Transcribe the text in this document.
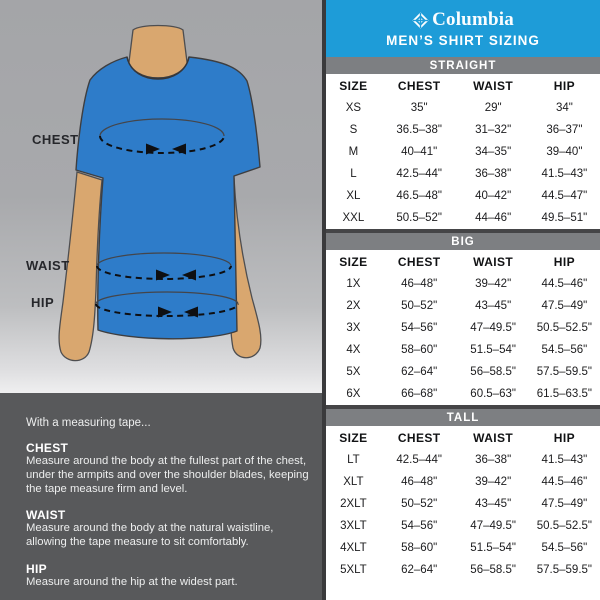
CHEST
WAIST
HIP

With a measuring tape...

CHEST
Measure around the body at the fullest part of the chest, under the armpits and over the shoulder blades, keeping the tape measure firm and level.
WAIST
Measure around the body at the natural waistline, allowing the tape measure to sit comfortably.
HIP
Measure around the hip at the widest part.
Columbia
MEN’S SHIRT SIZING
STRAIGHT
SIZE	CHEST	WAIST	HIP
XS	35"	29"	34"
S	36.5–38"	31–32"	36–37"
M	40–41"	34–35"	39–40"
L	42.5–44"	36–38"	41.5–43"
XL	46.5–48"	40–42"	44.5–47"
XXL	50.5–52"	44–46"	49.5–51"
BIG
SIZE	CHEST	WAIST	HIP
1X	46–48"	39–42"	44.5–46"
2X	50–52"	43–45"	47.5–49"
3X	54–56"	47–49.5"	50.5–52.5"
4X	58–60"	51.5–54"	54.5–56"
5X	62–64"	56–58.5"	57.5–59.5"
6X	66–68"	60.5–63"	61.5–63.5"
TALL
SIZE	CHEST	WAIST	HIP
LT	42.5–44"	36–38"	41.5–43"
XLT	46–48"	39–42"	44.5–46"
2XLT	50–52"	43–45"	47.5–49"
3XLT	54–56"	47–49.5"	50.5–52.5"
4XLT	58–60"	51.5–54"	54.5–56"
5XLT	62–64"	56–58.5"	57.5–59.5"
